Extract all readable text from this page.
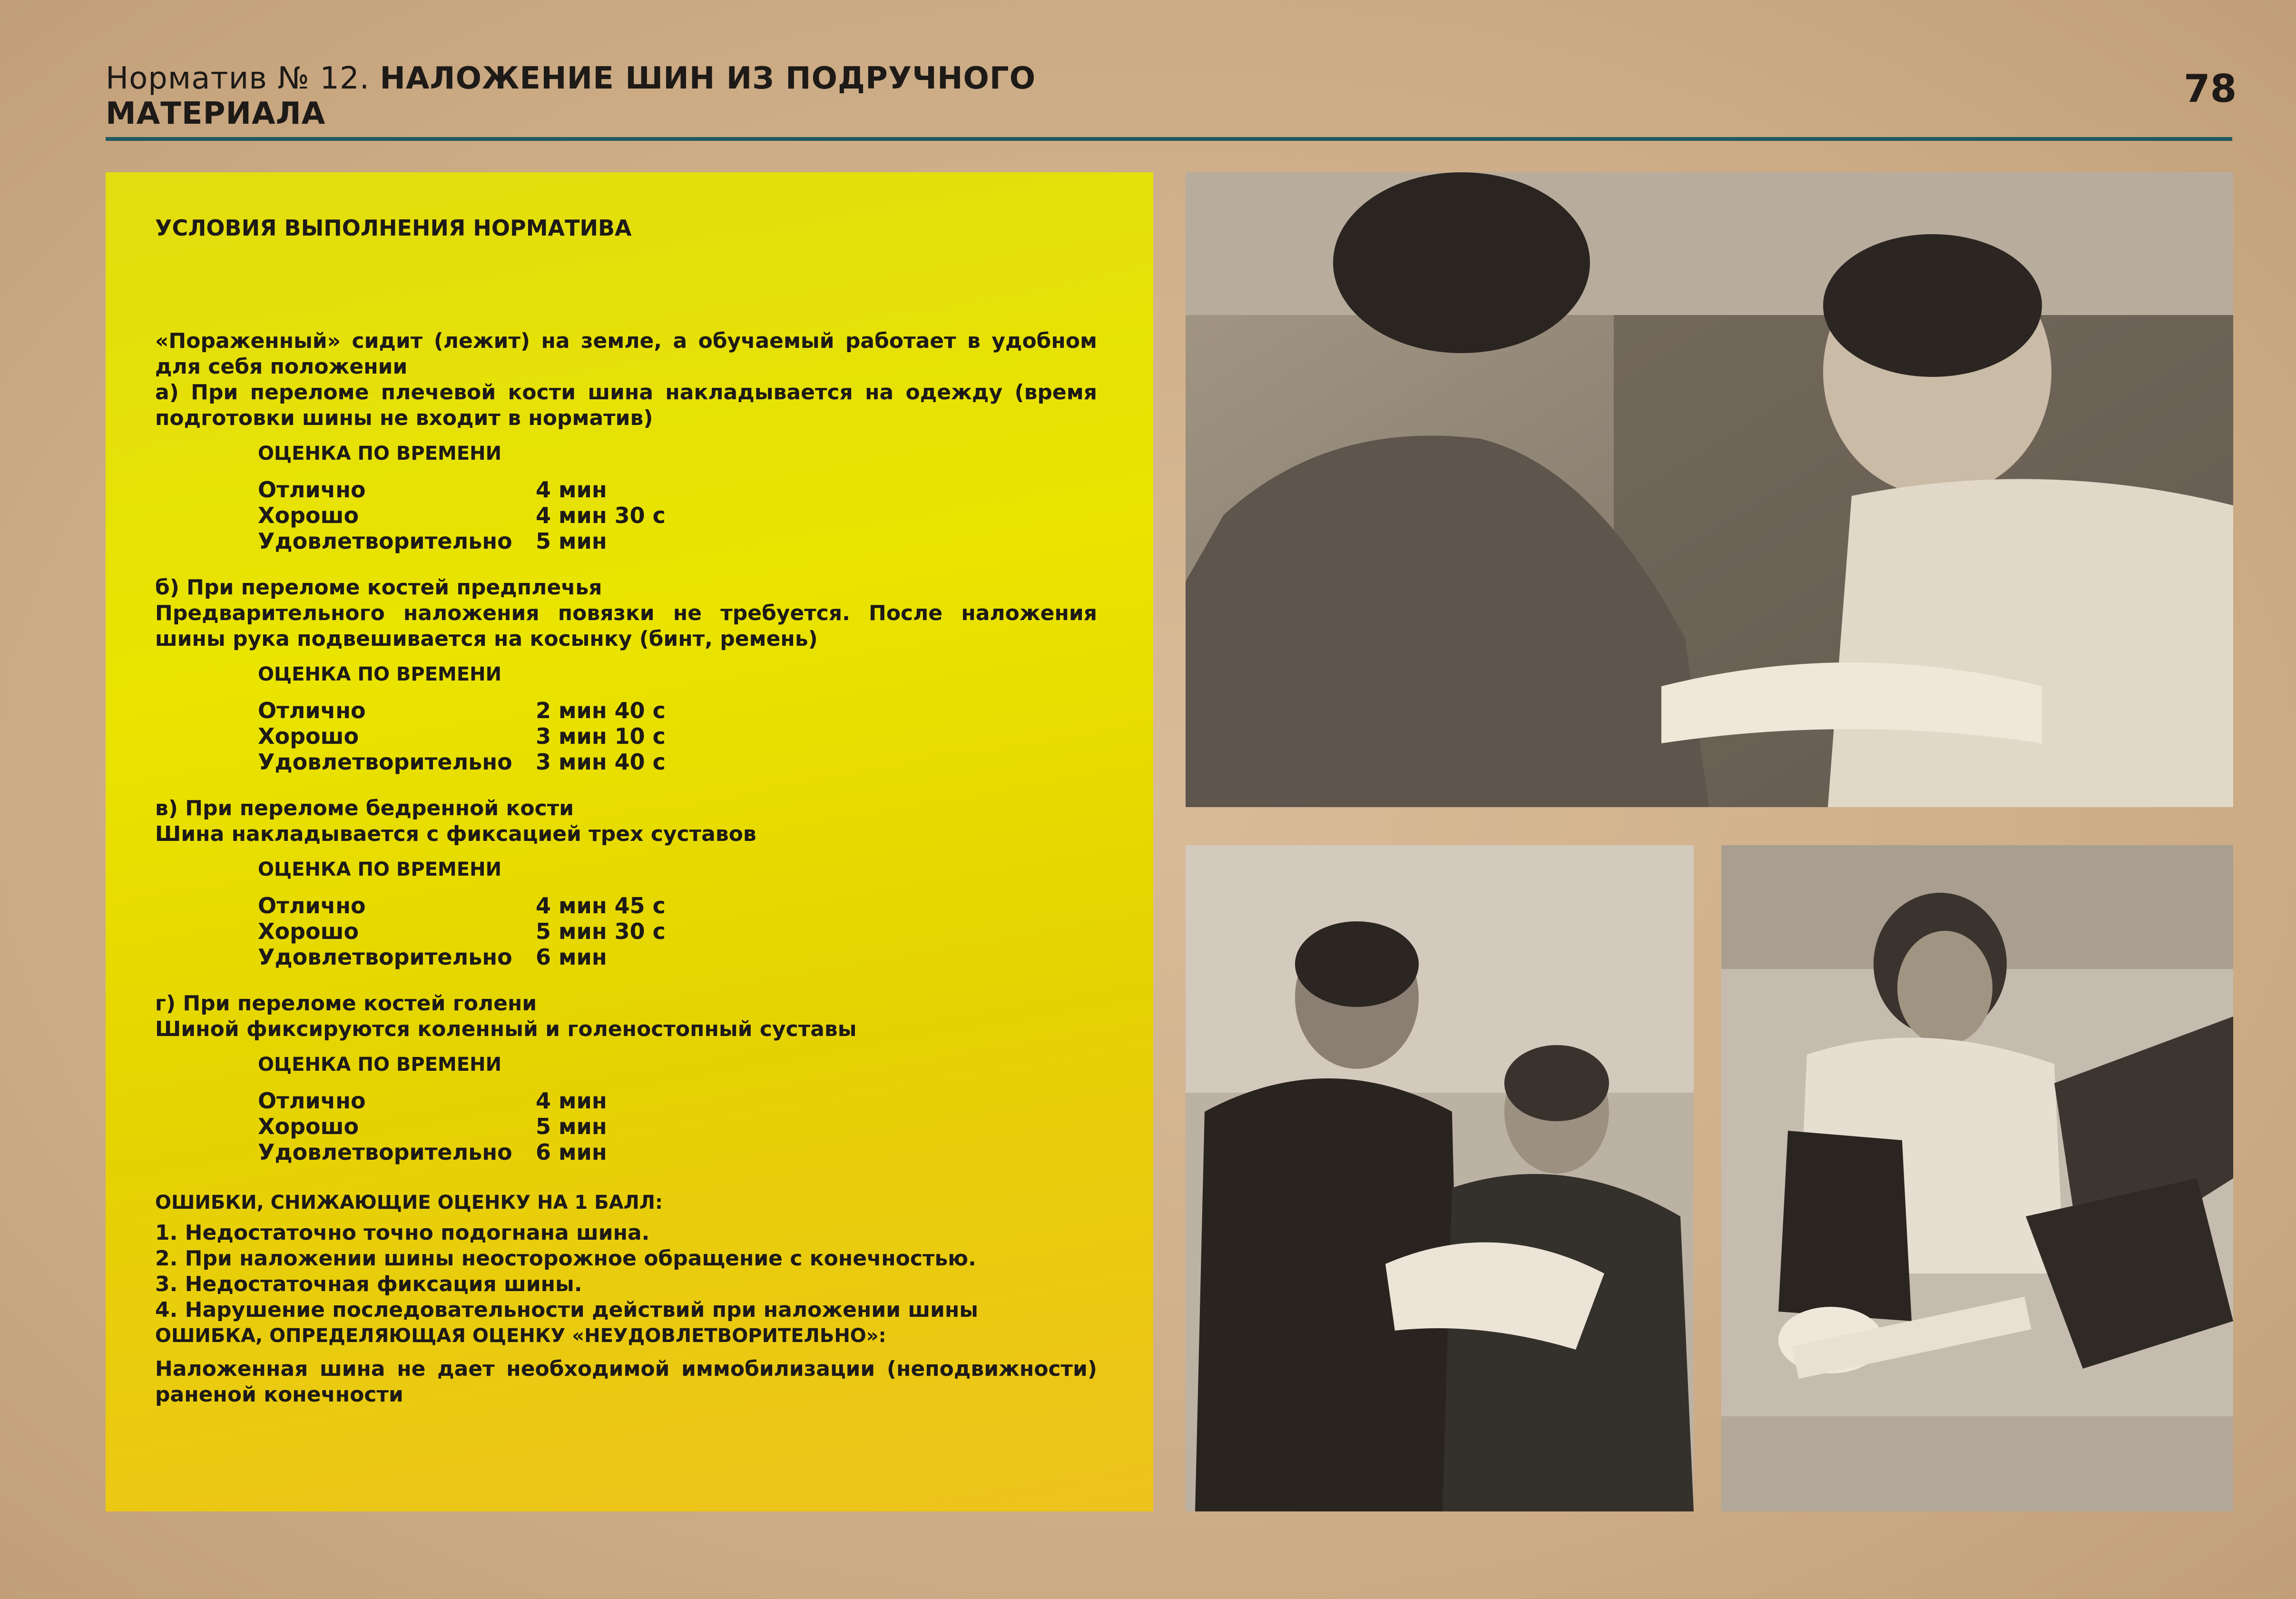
Норматив № 12. НАЛОЖЕНИЕ ШИН ИЗ ПОДРУЧНОГО МАТЕРИАЛА
78
УСЛОВИЯ ВЫПОЛНЕНИЯ НОРМАТИВА
«Пораженный» сидит (лежит) на земле, а обучаемый работает в удобном для себя положении
а) При переломе плечевой кости шина накладывается на одежду (время подготовки шины не входит в норматив)
ОЦЕНКА ПО ВРЕМЕНИ
Отлично	4 мин
Хорошо	4 мин 30 с
Удовлетворительно	5 мин
б) При переломе костей предплечья
Предварительного наложения повязки не требуется. После наложения шины рука подвешивается на косынку (бинт, ремень)
ОЦЕНКА ПО ВРЕМЕНИ
Отлично	2 мин 40 с
Хорошо	3 мин 10 с
Удовлетворительно	3 мин 40 с
в) При переломе бедренной кости
Шина накладывается с фиксацией трех суставов
ОЦЕНКА ПО ВРЕМЕНИ
Отлично	4 мин 45 с
Хорошо	5 мин 30 с
Удовлетворительно	6 мин
г) При переломе костей голени
Шиной фиксируются коленный и голеностопный суставы
ОЦЕНКА ПО ВРЕМЕНИ
Отлично	4 мин
Хорошо	5 мин
Удовлетворительно	6 мин
ОШИБКИ, СНИЖАЮЩИЕ ОЦЕНКУ НА 1 БАЛЛ:
1. Недостаточно точно подогнана шина.
2. При наложении шины неосторожное обращение с конечностью.
3. Недостаточная фиксация шины.
4. Нарушение последовательности действий при наложении шины
ОШИБКА, ОПРЕДЕЛЯЮЩАЯ ОЦЕНКУ «НЕУДОВЛЕТВОРИТЕЛЬНО»:
Наложенная шина не дает необходимой иммобилизации (неподвижности) раненой конечности
